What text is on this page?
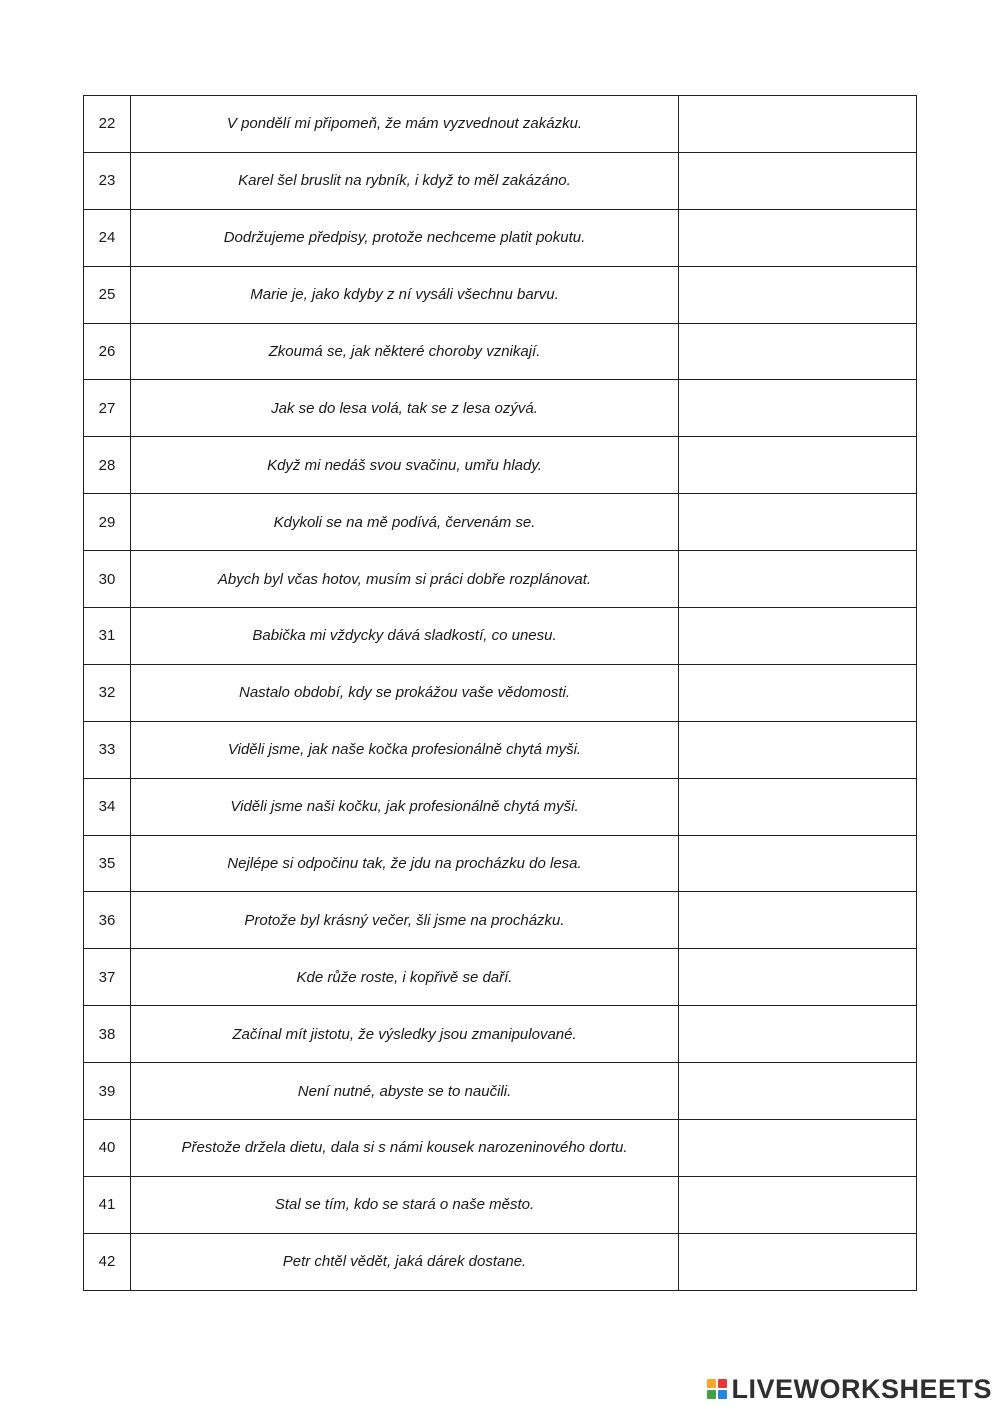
22	V pondělí mi připomeň, že mám vyzvednout zakázku.	
23	Karel šel bruslit na rybník, i když to měl zakázáno.	
24	Dodržujeme předpisy, protože nechceme platit pokutu.	
25	Marie je, jako kdyby z ní vysáli všechnu barvu.	
26	Zkoumá se, jak některé choroby vznikají.	
27	Jak se do lesa volá, tak se z lesa ozývá.	
28	Když mi nedáš svou svačinu, umřu hlady.	
29	Kdykoli se na mě podívá, červenám se.	
30	Abych byl včas hotov, musím si práci dobře rozplánovat.	
31	Babička mi vždycky dává sladkostí, co unesu.	
32	Nastalo období, kdy se prokážou vaše vědomosti.	
33	Viděli jsme, jak naše kočka profesionálně chytá myši.	
34	Viděli jsme naši kočku, jak profesionálně chytá myši.	
35	Nejlépe si odpočinu tak, že jdu na procházku do lesa.	
36	Protože byl krásný večer, šli jsme na procházku.	
37	Kde růže roste, i kopřivě se daří.	
38	Začínal mít jistotu, že výsledky jsou zmanipulované.	
39	Není nutné, abyste se to naučili.	
40	Přestože držela dietu, dala si s námi kousek narozeninového dortu.	
41	Stal se tím, kdo se stará o naše město.	
42	Petr chtěl vědět, jaká dárek dostane.	
LIVEWORKSHEETS
